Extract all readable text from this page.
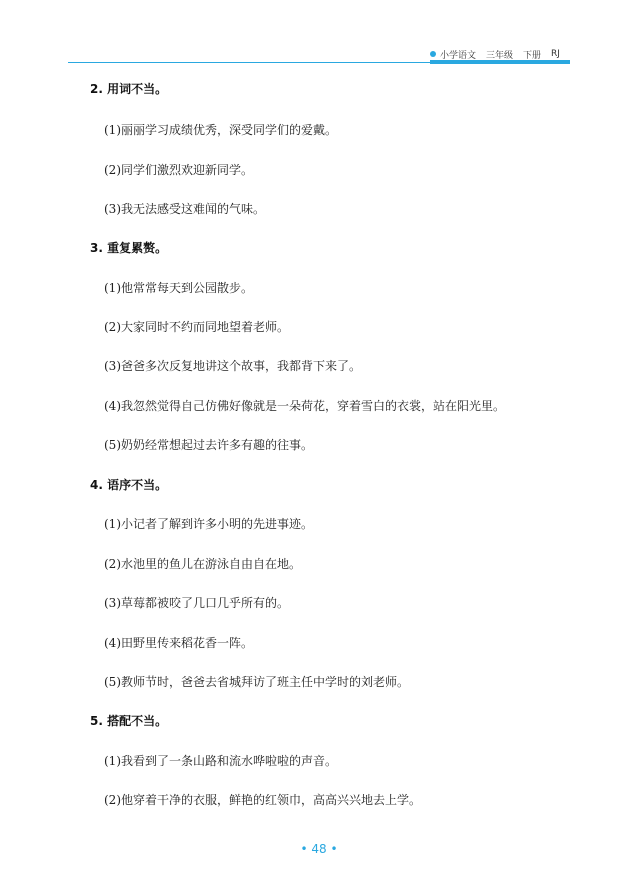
小学语文 三年级 下册 RJ
2. 用词不当。
(1)丽丽学习成绩优秀，深受同学们的爱戴。
(2)同学们激烈欢迎新同学。
(3)我无法感受这难闻的气味。
3. 重复累赘。
(1)他常常每天到公园散步。
(2)大家同时不约而同地望着老师。
(3)爸爸多次反复地讲这个故事，我都背下来了。
(4)我忽然觉得自己仿佛好像就是一朵荷花，穿着雪白的衣裳，站在阳光里。
(5)奶奶经常想起过去许多有趣的往事。
4. 语序不当。
(1)小记者了解到许多小明的先进事迹。
(2)水池里的鱼儿在游泳自由自在地。
(3)草莓都被咬了几口几乎所有的。
(4)田野里传来稻花香一阵。
(5)教师节时，爸爸去省城拜访了班主任中学时的刘老师。
5. 搭配不当。
(1)我看到了一条山路和流水哗啦啦的声音。
(2)他穿着干净的衣服，鲜艳的红领巾，高高兴兴地去上学。
• 48 •
